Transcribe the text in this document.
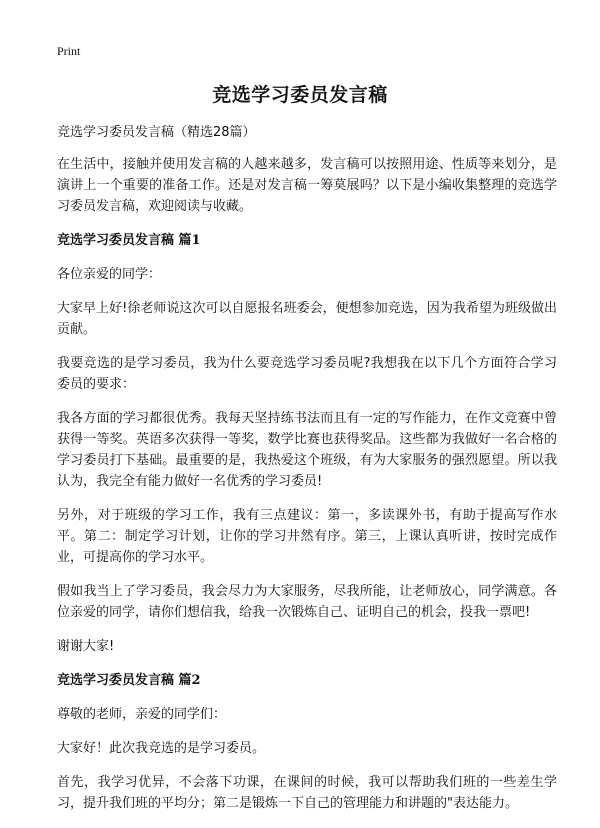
Print
竞选学习委员发言稿

竞选学习委员发言稿（精选28篇）

在生活中，接触并使用发言稿的人越来越多，发言稿可以按照用途、性质等来划分，是演讲上一个重要的准备工作。还是对发言稿一筹莫展吗？以下是小编收集整理的竞选学习委员发言稿，欢迎阅读与收藏。

竞选学习委员发言稿 篇1

各位亲爱的同学：

大家早上好!徐老师说这次可以自愿报名班委会，便想参加竞选，因为我希望为班级做出贡献。

我要竞选的是学习委员，我为什么要竞选学习委员呢?我想我在以下几个方面符合学习委员的要求：

我各方面的学习都很优秀。我每天坚持练书法而且有一定的写作能力，在作文竞赛中曾获得一等奖。英语多次获得一等奖，数学比赛也获得奖品。这些都为我做好一名合格的学习委员打下基础。最重要的是，我热爱这个班级，有为大家服务的强烈愿望。所以我认为，我完全有能力做好一名优秀的学习委员!

另外，对于班级的学习工作，我有三点建议：第一，多读课外书，有助于提高写作水平。第二：制定学习计划，让你的学习井然有序。第三，上课认真听讲，按时完成作业，可提高你的学习水平。

假如我当上了学习委员，我会尽力为大家服务，尽我所能，让老师放心，同学满意。各位亲爱的同学，请你们想信我，给我一次锻炼自己、证明自己的机会，投我一票吧!

谢谢大家!

竞选学习委员发言稿 篇2

尊敬的老师，亲爱的同学们：

大家好！此次我竞选的是学习委员。

首先，我学习优异，不会落下功课，在课间的时候，我可以帮助我们班的一些差生学习，提升我们班的平均分；第二是锻炼一下自己的管理能力和讲题的"表达能力。
